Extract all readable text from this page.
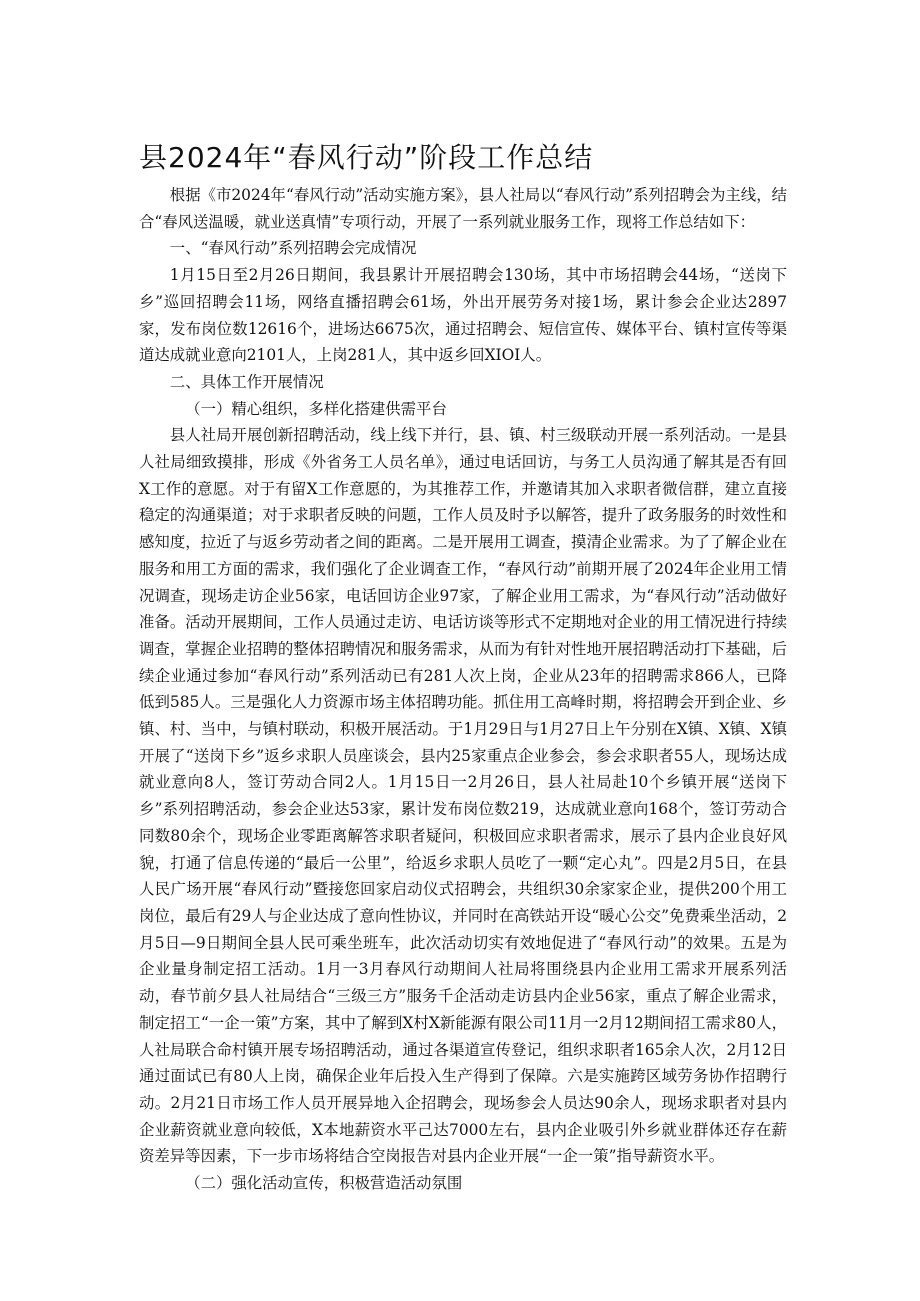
县2024年“春风行动”阶段工作总结

根据《市2024年“春风行动”活动实施方案》，县人社局以“春风行动”系列招聘会为主线，结合“春风送温暖，就业送真情”专项行动，开展了一系列就业服务工作，现将工作总结如下：

一、“春风行动”系列招聘会完成情况

1月15日至2月26日期间，我县累计开展招聘会130场，其中市场招聘会44场，“送岗下乡”巡回招聘会11场，网络直播招聘会61场，外出开展劳务对接1场，累计参会企业达2897家，发布岗位数12616个，进场达6675次，通过招聘会、短信宣传、媒体平台、镇村宣传等渠道达成就业意向2101人，上岗281人，其中返乡回XIOI人。

二、具体工作开展情况

（一）精心组织，多样化搭建供需平台

县人社局开展创新招聘活动，线上线下并行，县、镇、村三级联动开展一系列活动。一是县人社局细致摸排，形成《外省务工人员名单》，通过电话回访，与务工人员沟通了解其是否有回X工作的意愿。对于有留X工作意愿的，为其推荐工作，并邀请其加入求职者微信群，建立直接稳定的沟通渠道；对于求职者反映的问题，工作人员及时予以解答，提升了政务服务的时效性和感知度，拉近了与返乡劳动者之间的距离。二是开展用工调查，摸清企业需求。为了了解企业在服务和用工方面的需求，我们强化了企业调查工作，“春风行动”前期开展了2024年企业用工情况调查，现场走访企业56家，电话回访企业97家，了解企业用工需求，为“春风行动”活动做好准备。活动开展期间，工作人员通过走访、电话访谈等形式不定期地对企业的用工情况进行持续调查，掌握企业招聘的整体招聘情况和服务需求，从而为有针对性地开展招聘活动打下基础，后续企业通过参加“春风行动”系列活动已有281人次上岗，企业从23年的招聘需求866人，已降低到585人。三是强化人力资源市场主体招聘功能。抓住用工高峰时期，将招聘会开到企业、乡镇、村、当中，与镇村联动，积极开展活动。于1月29日与1月27日上午分别在X镇、X镇、X镇开展了“送岗下乡”返乡求职人员座谈会，县内25家重点企业参会，参会求职者55人，现场达成就业意向8人，签订劳动合同2人。1月15日一2月26日，县人社局赴10个乡镇开展“送岗下乡”系列招聘活动，参会企业达53家，累计发布岗位数219，达成就业意向168个，签订劳动合同数80余个，现场企业零距离解答求职者疑问，积极回应求职者需求，展示了县内企业良好风貌，打通了信息传递的“最后一公里”，给返乡求职人员吃了一颗“定心丸”。四是2月5日，在县人民广场开展“春风行动”暨接您回家启动仪式招聘会，共组织30余家家企业，提供200个用工岗位，最后有29人与企业达成了意向性协议，并同时在高铁站开设“暖心公交”免费乘坐活动，2月5日—9日期间全县人民可乘坐班车，此次活动切实有效地促进了“春风行动”的效果。五是为企业量身制定招工活动。1月一3月春风行动期间人社局将围绕县内企业用工需求开展系列活动，春节前夕县人社局结合“三级三方”服务千企活动走访县内企业56家，重点了解企业需求，制定招工“一企一策”方案，其中了解到X村X新能源有限公司11月一2月12期间招工需求80人，人社局联合命村镇开展专场招聘活动，通过各渠道宣传登记，组织求职者165余人次，2月12日通过面试已有80人上岗，确保企业年后投入生产得到了保障。六是实施跨区域劳务协作招聘行动。2月21日市场工作人员开展异地入企招聘会，现场参会人员达90余人，现场求职者对县内企业薪资就业意向较低，X本地薪资水平己达7000左右，县内企业吸引外乡就业群体还存在薪资差异等因素，下一步市场将结合空岗报告对县内企业开展“一企一策”指导薪资水平。

（二）强化活动宣传，积极营造活动氛围
